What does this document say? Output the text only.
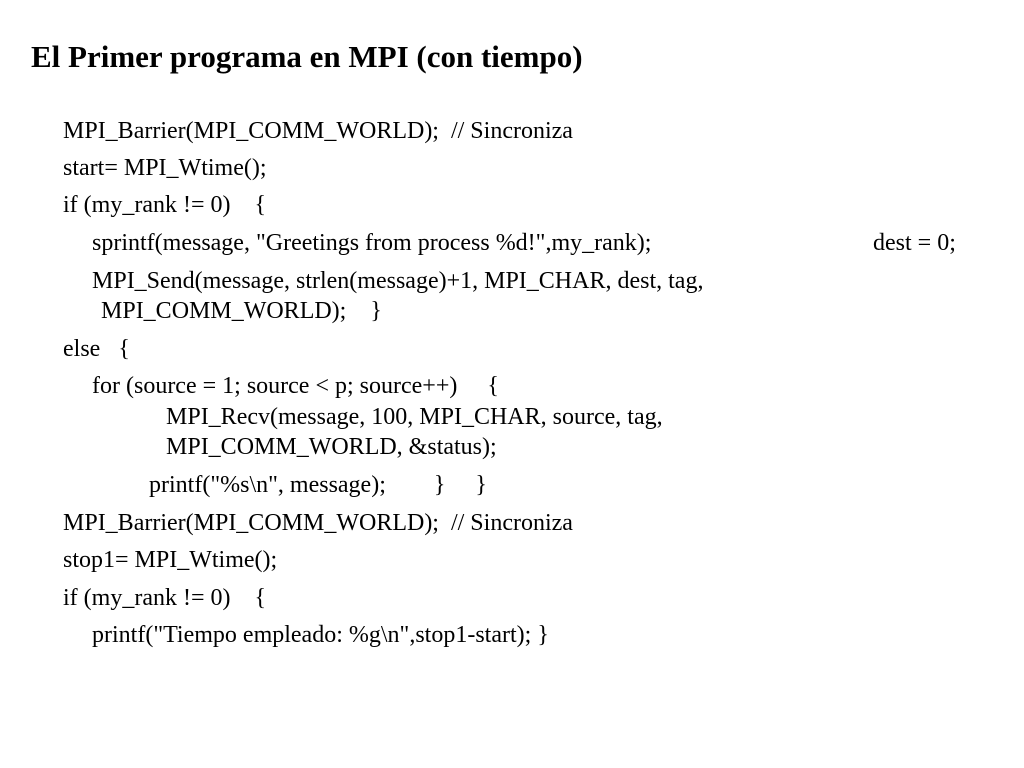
El Primer programa en MPI (con tiempo)
MPI_Barrier(MPI_COMM_WORLD);  // Sincroniza
start= MPI_Wtime();
if (my_rank != 0)    {
sprintf(message, "Greetings from process %d!",my_rank);	dest = 0;
MPI_Send(message, strlen(message)+1, MPI_CHAR, dest, tag,
MPI_COMM_WORLD);    }
else   {
for (source = 1; source < p; source++)     {
MPI_Recv(message, 100, MPI_CHAR, source, tag,
MPI_COMM_WORLD, &status);
printf("%s\n", message);        }     }
MPI_Barrier(MPI_COMM_WORLD);  // Sincroniza
stop1= MPI_Wtime();
if (my_rank != 0)    {
printf("Tiempo empleado: %g\n",stop1-start); }
